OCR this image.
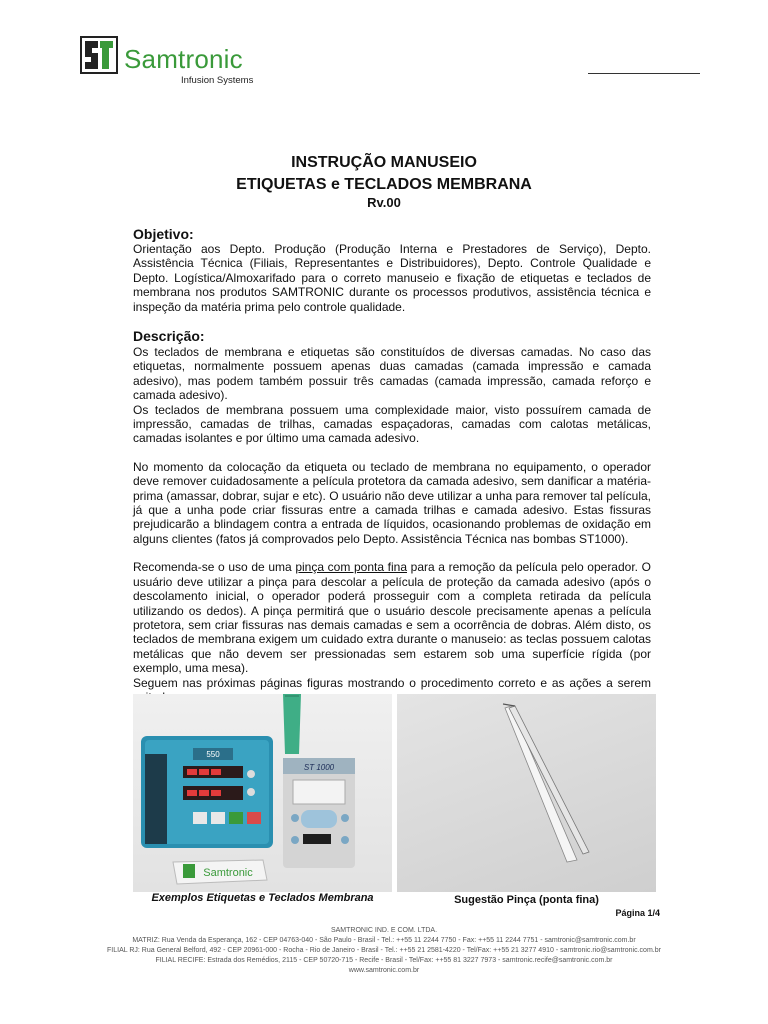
Samtronic
Infusion Systems
INSTRUÇÃO MANUSEIO
ETIQUETAS e TECLADOS MEMBRANA
Rv.00
Objetivo:

Orientação aos Depto. Produção (Produção Interna e Prestadores de Serviço), Depto. Assistência Técnica (Filiais, Representantes e Distribuidores), Depto. Controle Qualidade e Depto. Logística/Almoxarifado para o correto manuseio e fixação de etiquetas e teclados de membrana nos produtos SAMTRONIC durante os processos produtivos, assistência técnica e inspeção da matéria prima pelo controle qualidade.

Descrição:

Os teclados de membrana e etiquetas são constituídos de diversas camadas. No caso das etiquetas, normalmente possuem apenas duas camadas (camada impressão e camada adesivo), mas podem também possuir três camadas (camada impressão, camada reforço e camada adesivo).

Os teclados de membrana possuem uma complexidade maior, visto possuírem camada de impressão, camadas de trilhas, camadas espaçadoras, camadas com calotas metálicas, camadas isolantes e por último uma camada adesivo.

No momento da colocação da etiqueta ou teclado de membrana no equipamento, o operador deve remover cuidadosamente a película protetora da camada adesivo, sem danificar a matéria-prima (amassar, dobrar, sujar e etc). O usuário não deve utilizar a unha para remover tal película, já que a unha pode criar fissuras entre a camada trilhas e camada adesivo. Estas fissuras prejudicarão a blindagem contra a entrada de líquidos, ocasionando problemas de oxidação em alguns clientes (fatos já comprovados pelo Depto. Assistência Técnica nas bombas ST1000).

Recomenda-se o uso de uma pinça com ponta fina para a remoção da película pelo operador. O usuário deve utilizar a pinça para descolar a película de proteção da camada adesivo (após o descolamento inicial, o operador poderá prosseguir com a completa retirada da película utilizando os dedos). A pinça permitirá que o usuário descole precisamente apenas a película protetora, sem criar fissuras nas demais camadas e sem a ocorrência de dobras. Além disto, os teclados de membrana exigem um cuidado extra durante o manuseio: as teclas possuem calotas metálicas que não devem ser pressionadas sem estarem sob uma superfície rígida (por exemplo, uma mesa).

Seguem nas próximas páginas figuras mostrando o procedimento correto e as ações a serem

550
ST 1000
Samtronic
Exemplos Etiquetas e Teclados Membrana	Sugestão Pinça (ponta fina)
Página 1/4
SAMTRONIC IND. E COM. LTDA.
MATRIZ: Rua Venda da Esperança, 162 - CEP 04763-040 - São Paulo - Brasil - Tel.: ++55 11 2244 7750 - Fax: ++55 11 2244 7751 - samtronic@samtronic.com.br
FILIAL RJ: Rua General Belford, 492 - CEP 20961-000 - Rocha - Rio de Janeiro - Brasil - Tel.: ++55 21 2581-4220 - Tel/Fax: ++55 21 3277 4910 - samtronic.rio@samtronic.com.br
FILIAL RECIFE: Estrada dos Remédios, 2115 - CEP 50720-715 - Recife - Brasil - Tel/Fax: ++55 81 3227 7973 - samtronic.recife@samtronic.com.br
www.samtronic.com.br
